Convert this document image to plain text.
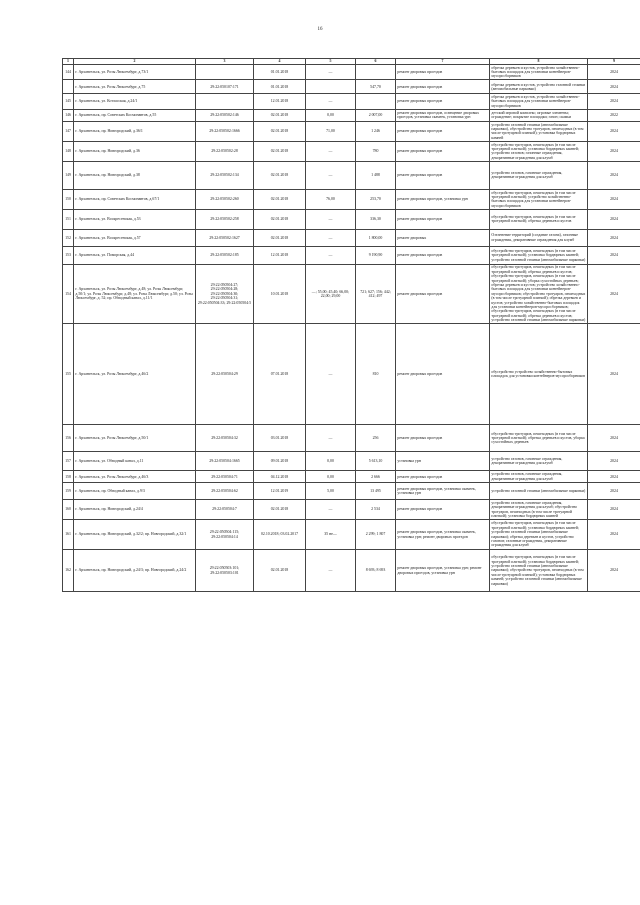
16
1	2	3	4	5	6	7	8	9
144	г. Архангельск, ул. Розы Люксембург, д.73/1		01.01.2018	—		ремонт дворовых проездов	обрезка деревьев и кустов, устройство хозяйственно-бытовых площадок для установки контейнеров-мусоросборников	2024
	г. Архангельск, ул. Розы Люксембург, д.75	29:22:050107:171	01.01.2018		547,70	ремонт дворовых проездов	обрезка деревьев и кустов, устройство газонной стоянки (автомобильные парковки)	2024
145	г. Архангельск, ул. Котласская, д.24/1		12.01.2018	—		ремонт дворовых проездов	обрезка деревьев и кустов, устройство хозяйственно-бытовых площадок для установки контейнеров-мусоросборников	2024
146	г. Архангельск, пр. Советских Космонавтов, д.55	29:22:050502:146	02.01.2018	0,00	2 007,00	ремонт дворовых проездов, освещение дворовых проездов, установка скамеек, установка урн	детский игровой комплекс; игровые элементы; ограждение; покрытие площадки; газон; скамьи	2022
147	г. Архангельск, пр. Новгородский, д.36/1	29:22:050502:1666	02.01.2018	71,00	1 246	ремонт дворовых проездов	устройство газонной стоянки (автомобильные парковки), обустройство тротуаров, пешеходных (в том числе тротуарной плиткой); установка бордюрных камней	2024
148	г. Архангельск, пр. Новгородский, д.36	29:22:050502:28	02.01.2018	—	780	ремонт дворовых проездов	обустройство тротуаров, пешеходных (в том числе тротуарной плиткой); установка бордюрных камней; устройство газонов; газонные ограждения, декоративные ограждения для клумб	2024
149	г. Архангельск, пр. Новгородский, д.38	29:22:050502:134	02.01.2018	—	1 488	ремонт дворовых проездов	устройство газонов, газонные ограждения, декоративные ограждения для клумб	2024
150	г. Архангельск, пр. Советских Космонавтов, д.67/1	29:22:050502:260	02.01.2018	76,00	253,70	ремонт дворовых проездов, установка урн	обустройство тротуаров, пешеходных (в том числе тротуарной плиткой); устройство хозяйственно-бытовых площадок для установки контейнеров-мусоросборников	2024
151	г. Архангельск, ул. Воскресенская, д.53	29:22:050502:258	02.01.2018	—	336,30	ремонт дворовых проездов	обустройство тротуаров, пешеходных (в том числе тротуарной плиткой); обрезка деревьев и кустов	2024
152	г. Архангельск, ул. Воскресенская, д.57	29:22:050502:1627	02.01.2018	—	1 800,00	ремонт дворовых	Озеленение территорий (создание газона), газонные ограждения, декоративные ограждения для клумб	2024
153	г. Архангельск, ул. Поморская, д.44	29:22:050502:185	12.01.2018	—	9 190,90	ремонт дворовых проездов	обустройство тротуаров, пешеходных (в том числе тротуарной плиткой); установка бордюрных камней; устройство газонной стоянки (автомобильные парковки)	2024
154	г. Архангельск, ул. Розы Люксембург, д.48; ул. Розы Люксембург, д.50/1; ул. Розы Люксембург, д.48; ул. Розы Люксембург, д.50; ул. Розы Люксембург, д. 52; пр. Обводный канал, д.11/1	29:22:050504:27; 29:22:050504:28; 29:22:050504:30; 29:22:050504:31; 29:22:050504:33; 29:22:050504:5	10.01.2018	—; 55,00; 45,40; 66,00; 22,00; 29,00	721; 627; 156; 442; 412; 497	ремонт дворовых проездов	обустройство тротуаров, пешеходных (в том числе тротуарной плиткой); обрезка деревьев и кустов; обустройство тротуаров, пешеходных (в том числе тротуарной плиткой); уборка сухостойных деревьев; обрезка деревьев и кустов; устройство хозяйственно-бытовых площадок для установки контейнеров-мусоросборников; обустройство тротуаров, пешеходных (в том числе тротуарной плиткой); обрезка деревьев и кустов; устройство хозяйственно-бытовых площадок для установки контейнеров-мусоросборников; обустройство тротуаров, пешеходных (в том числе тротуарной плиткой); обрезка деревьев и кустов; устройство газонной стоянки (автомобильные парковки)	2024
155	г. Архангельск, ул. Розы Люксембург, д.46/2	29:22:050504:29	07.01.2018	—	810	ремонт дворовых проездов	обустройство устройство хозяйственно-бытовых площадок для установки контейнеров-мусоросборников	2024
156	г. Архангельск, ул. Розы Люксембург, д.50/1	29:22:050504:32	03.01.2018	—	256	ремонт дворовых проездов	обустройство тротуаров, пешеходных (в том числе тротуарной плиткой); обрезка деревьев и кустов, уборка сухостойных деревьев	2024
157	г. Архангельск, ул. Обводный канал, д.11	29:22:050504:1665	09.01.2018	0,00	5 613,10	установка урн	устройство газонов, газонные ограждения, декоративные ограждения для клумб	2024
158	г. Архангельск, ул. Розы Люксембург, д.46/3	29:22:050504:71	04.12.2018	0,00	2 666	ремонт дворовых проездов	устройство газонов, газонные ограждения, декоративные ограждения для клумб	2024
159	г. Архангельск, пр. Обводный канал, д.9/3	29:22:050504:62	12.01.2019	5,00	13 495	ремонт дворовых проездов, установка скамеек, установка урн	устройство газонной стоянки (автомобильные парковки)	2024
160	г. Архангельск, пр. Новгородский, д.24/4	29:22:050504:7	02.01.2018	—	2 534	ремонт дворовых проездов	устройство газонов, газонные ограждения, декоративные ограждения для клумб; обустройство тротуаров, пешеходных (в том числе тротуарной плиткой); установка бордюрных камней	2024
161	г. Архангельск, пр. Новгородский, д.32/2; пр. Новгородский, д.32/1	29:22:050504:115; 29:22:050504:14	02.10.2018; 03.02.2017	35 не—	2 299; 1 807	ремонт дворовых проездов, установка скамеек, установка урн; ремонт дворовых проездов	обустройство тротуаров, пешеходных (в том числе тротуарной плиткой); установка бордюрных камней; устройство газонной стоянки (автомобильные парковки); обрезка деревьев и кустов, устройство газонов; газонные ограждения, декоративные ограждения для клумб	2024
162	г. Архангельск, пр. Новгородский, д.24/3; пр. Новгородский, д.24/2	29:22:050503:101; 29:22:050503:101	02.01.2018	—	8 693; 8 693	ремонт дворовых проездов, установка урн; ремонт дворовых проездов, установка урн	обустройство тротуаров, пешеходных (в том числе тротуарной плиткой); установка бордюрных камней; устройство газонной стоянки (автомобильные парковки); обустройство тротуаров, пешеходных (в том числе тротуарной плиткой); установка бордюрных камней; устройство газонной стоянки (автомобильные парковки)	2024
